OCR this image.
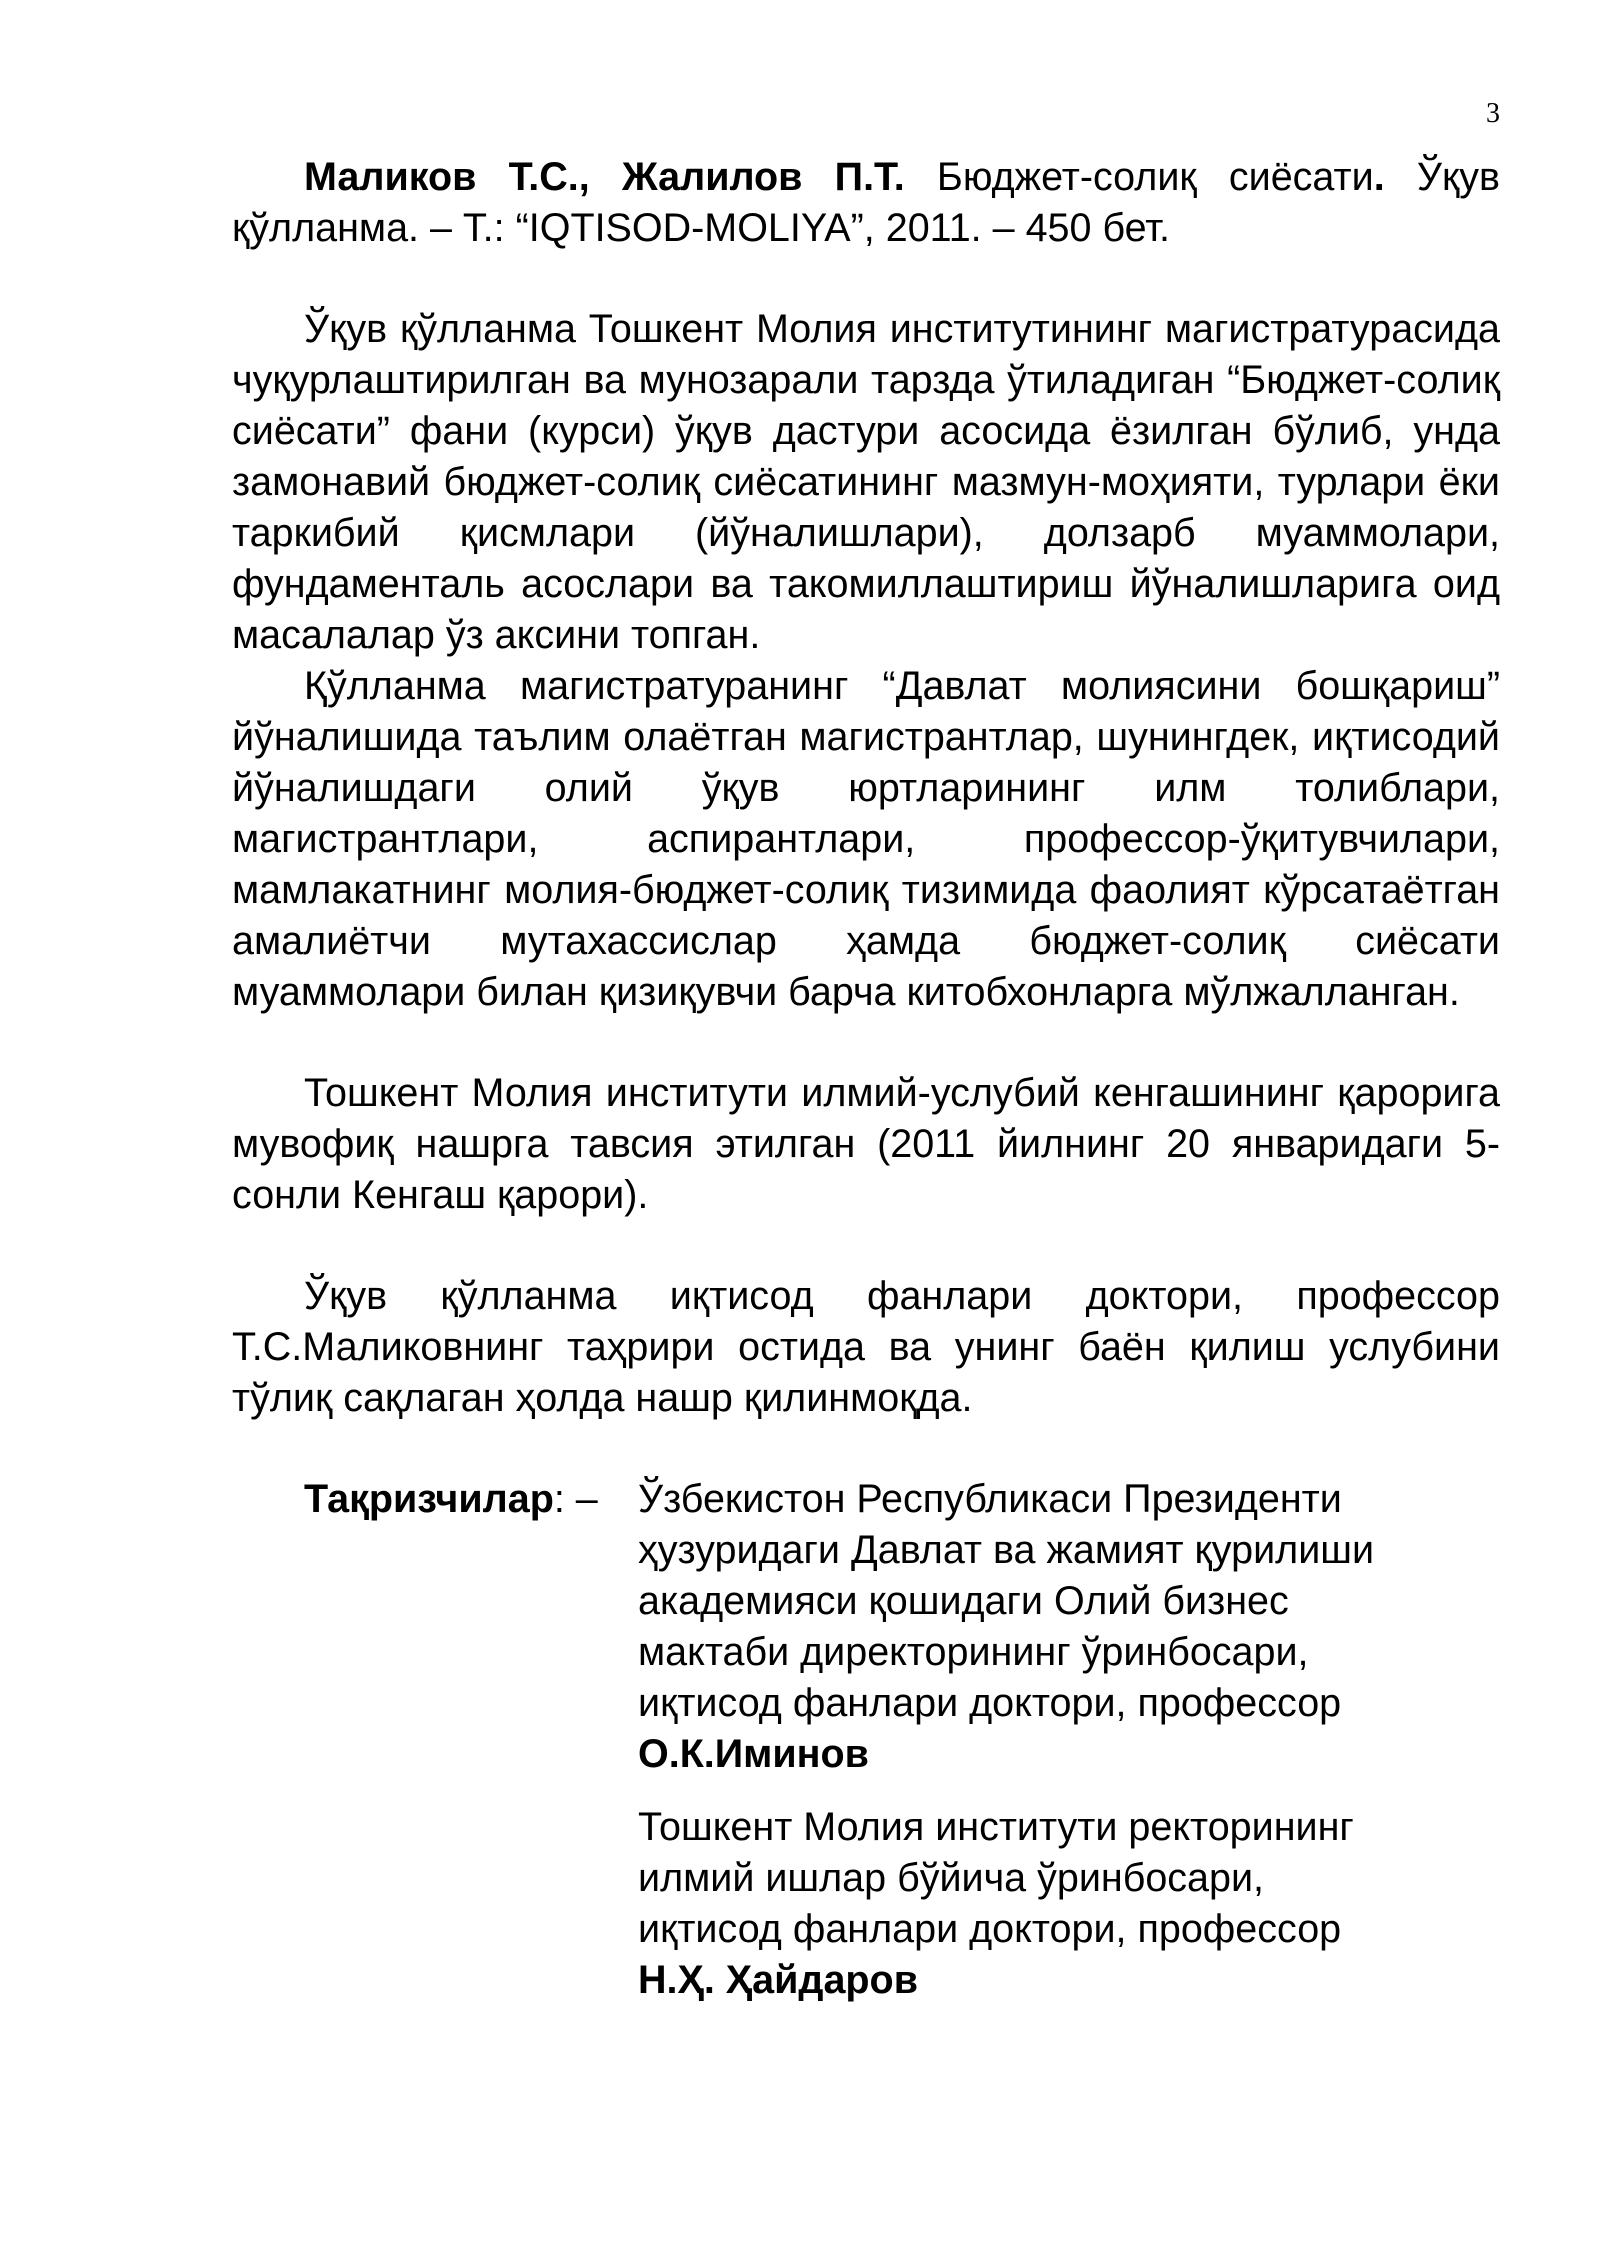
3

Маликов Т.С., Жалилов П.Т. Бюджет-солиқ сиёсати. Ўқув қўлланма. – Т.: “IQTISOD-MOLIYA”, 2011. – 450 бет.

Ўқув қўлланма Тошкент Молия институтининг магистратурасида чуқурлаштирилган ва мунозарали тарзда ўтиладиган “Бюджет-солиқ сиёсати” фани (курси) ўқув дастури асосида ёзилган бўлиб, унда замонавий бюджет-солиқ сиёсатининг мазмун-моҳияти, турлари ёки таркибий қисмлари (йўналишлари), долзарб муаммолари, фундаменталь асослари ва такомиллаштириш йўналишларига оид масалалар ўз аксини топган.

Қўлланма магистратуранинг “Давлат молиясини бошқариш” йўналишида таълим олаётган магистрантлар, шунингдек, иқтисодий йўналишдаги олий ўқув юртларининг илм толиблари, магистрантлари, аспирантлари, профессор-ўқитувчилари, мамлакатнинг молия-бюджет-солиқ тизимида фаолият кўрсатаётган амалиётчи мутахассислар ҳамда бюджет-солиқ сиёсати муаммолари билан қизиқувчи барча китобхонларга мўлжалланган.

Тошкент Молия институти илмий-услубий кенгашининг қарорига мувофиқ нашрга тавсия этилган (2011 йилнинг 20 январидаги 5-сонли Кенгаш қарори).

Ўқув қўлланма иқтисод фанлари доктори, профессор Т.С.Маликовнинг таҳрири остида ва унинг баён қилиш услубини тўлиқ сақлаган ҳолда нашр қилинмоқда.

Тақризчилар: – Ўзбекистон Республикаси Президенти
ҳузуридаги Давлат ва жамият қурилиши
академияси қошидаги Олий бизнес
мактаби директорининг ўринбосари,
иқтисод фанлари доктори, профессор
О.К.Иминов
Тошкент Молия институти ректорининг
илмий ишлар бўйича ўринбосари,
иқтисод фанлари доктори, профессор
Н.Ҳ. Ҳайдаров
